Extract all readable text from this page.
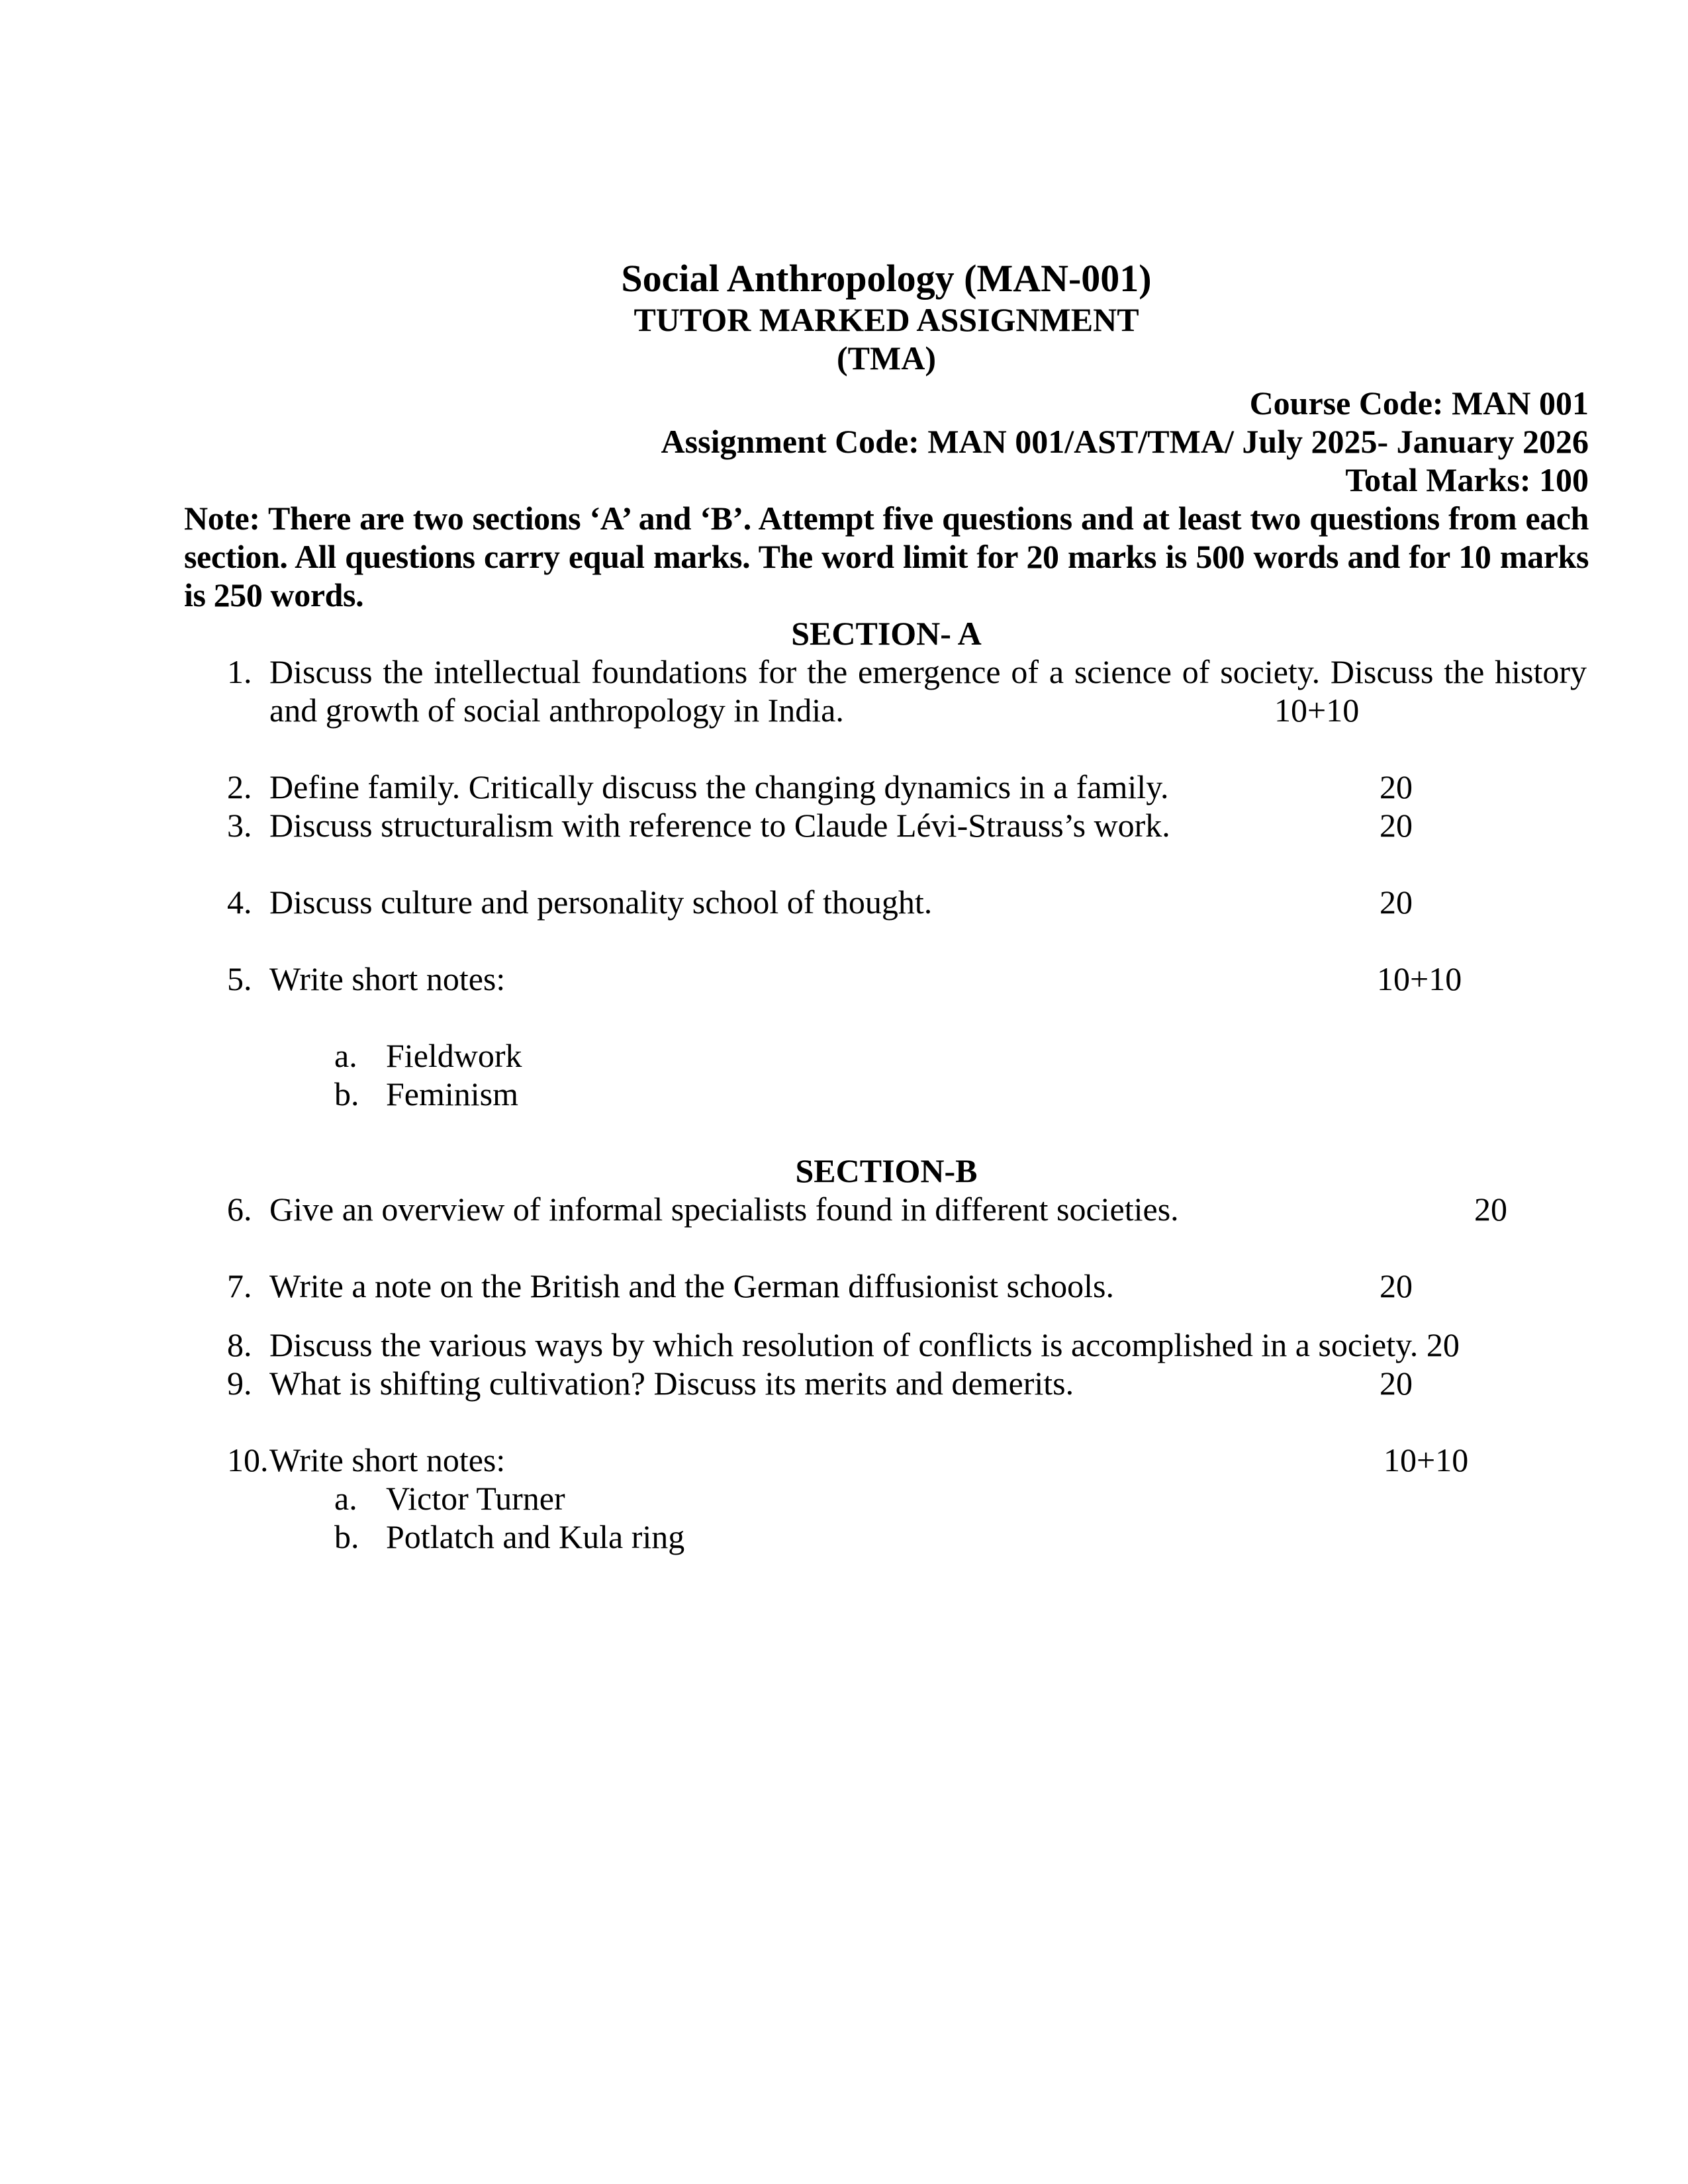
Social Anthropology (MAN-001)
TUTOR MARKED ASSIGNMENT
(TMA)
Course Code: MAN 001
Assignment Code: MAN 001/AST/TMA/ July 2025- January 2026
Total Marks: 100

Note: There are two sections ‘A’ and ‘B’. Attempt five questions and at least two questions from each section. All questions carry equal marks. The word limit for 20 marks is 500 words and for 10 marks is 250 words.

SECTION- A
1. Discuss the intellectual foundations for the emergence of a science of society. Discuss the history and growth of social anthropology in India.	10+10
2. Define family. Critically discuss the changing dynamics in a family.	20
3. Discuss structuralism with reference to Claude Lévi-Strauss’s work.	20
4. Discuss culture and personality school of thought.	20
5. Write short notes:	10+10
a. Fieldwork
b. Feminism
SECTION-B
6. Give an overview of informal specialists found in different societies.	20
7. Write a note on the British and the German diffusionist schools.	20
8. Discuss the various ways by which resolution of conflicts is accomplished in a society. 20
9. What is shifting cultivation? Discuss its merits and demerits.	20
10. Write short notes:	10+10
a. Victor Turner
b. Potlatch and Kula ring
